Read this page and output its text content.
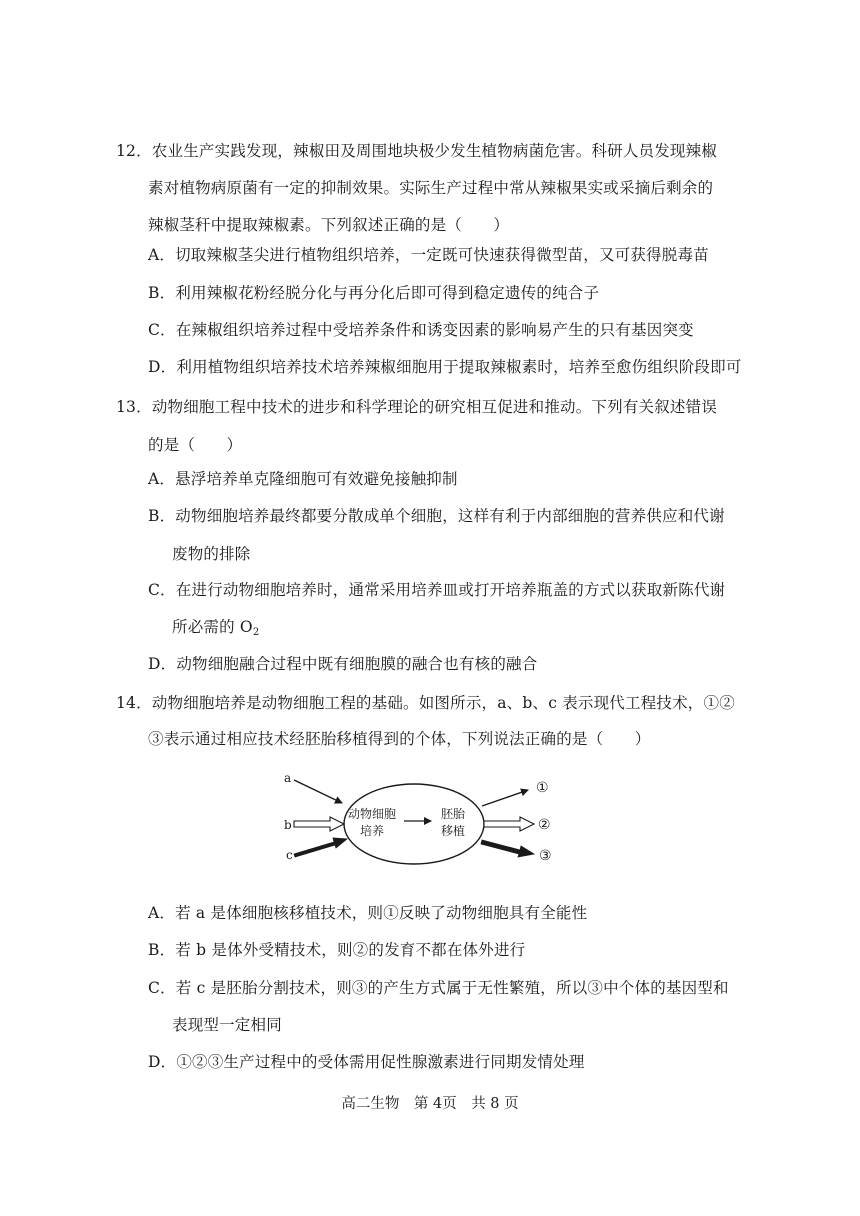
12．农业生产实践发现，辣椒田及周围地块极少发生植物病菌危害。科研人员发现辣椒
素对植物病原菌有一定的抑制效果。实际生产过程中常从辣椒果实或采摘后剩余的
辣椒茎秆中提取辣椒素。下列叙述正确的是（　　）
A．切取辣椒茎尖进行植物组织培养，一定既可快速获得微型苗，又可获得脱毒苗
B．利用辣椒花粉经脱分化与再分化后即可得到稳定遗传的纯合子
C．在辣椒组织培养过程中受培养条件和诱变因素的影响易产生的只有基因突变
D．利用植物组织培养技术培养辣椒细胞用于提取辣椒素时，培养至愈伤组织阶段即可
13．动物细胞工程中技术的进步和科学理论的研究相互促进和推动。下列有关叙述错误
的是（　　）
A．悬浮培养单克隆细胞可有效避免接触抑制
B．动物细胞培养最终都要分散成单个细胞，这样有利于内部细胞的营养供应和代谢
废物的排除
C．在进行动物细胞培养时，通常采用培养皿或打开培养瓶盖的方式以获取新陈代谢
所必需的 $O_2$
D．动物细胞融合过程中既有细胞膜的融合也有核的融合
14．动物细胞培养是动物细胞工程的基础。如图所示，a、b、c 表示现代工程技术，①②
③表示通过相应技术经胚胎移植得到的个体，下列说法正确的是（　　）
a
b
c
动物细胞
培养
胚胎
移植
①
②
③
A．若 a 是体细胞核移植技术，则①反映了动物细胞具有全能性
B．若 b 是体外受精技术，则②的发育不都在体外进行
C．若 c 是胚胎分割技术，则③的产生方式属于无性繁殖，所以③中个体的基因型和
表现型一定相同
D．①②③生产过程中的受体需用促性腺激素进行同期发情处理
高二生物　第 4页　共 8 页
